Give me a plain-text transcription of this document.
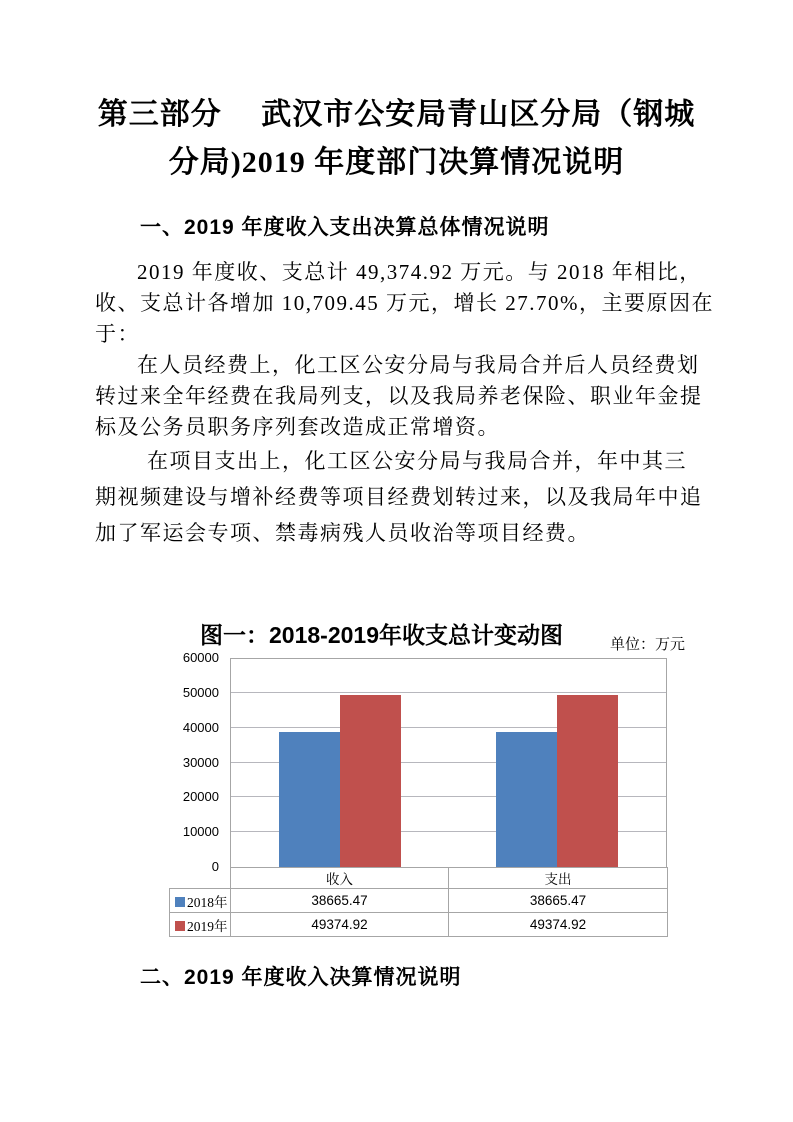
第三部分　 武汉市公安局青山区分局（钢城
分局)2019 年度部门决算情况说明
一、2019 年度收入支出决算总体情况说明

2019 年度收、支总计 49,374.92 万元。与 2018 年相比，
收、支总计各增加 10,709.45 万元，增长 27.70%，主要原因在
于：

在人员经费上，化工区公安分局与我局合并后人员经费划
转过来全年经费在我局列支，以及我局养老保险、职业年金提
标及公务员职务序列套改造成正常增资。

在项目支出上，化工区公安分局与我局合并，年中其三
期视频建设与增补经费等项目经费划转过来，以及我局年中追
加了军运会专项、禁毒病残人员收治等项目经费。

图一：2018-2019年收支总计变动图	单位：万元
0
10000
20000
30000
40000
50000
60000
	收入	支出
2018年	38665.47	38665.47
2019年	49374.92	49374.92
二、2019 年度收入决算情况说明
